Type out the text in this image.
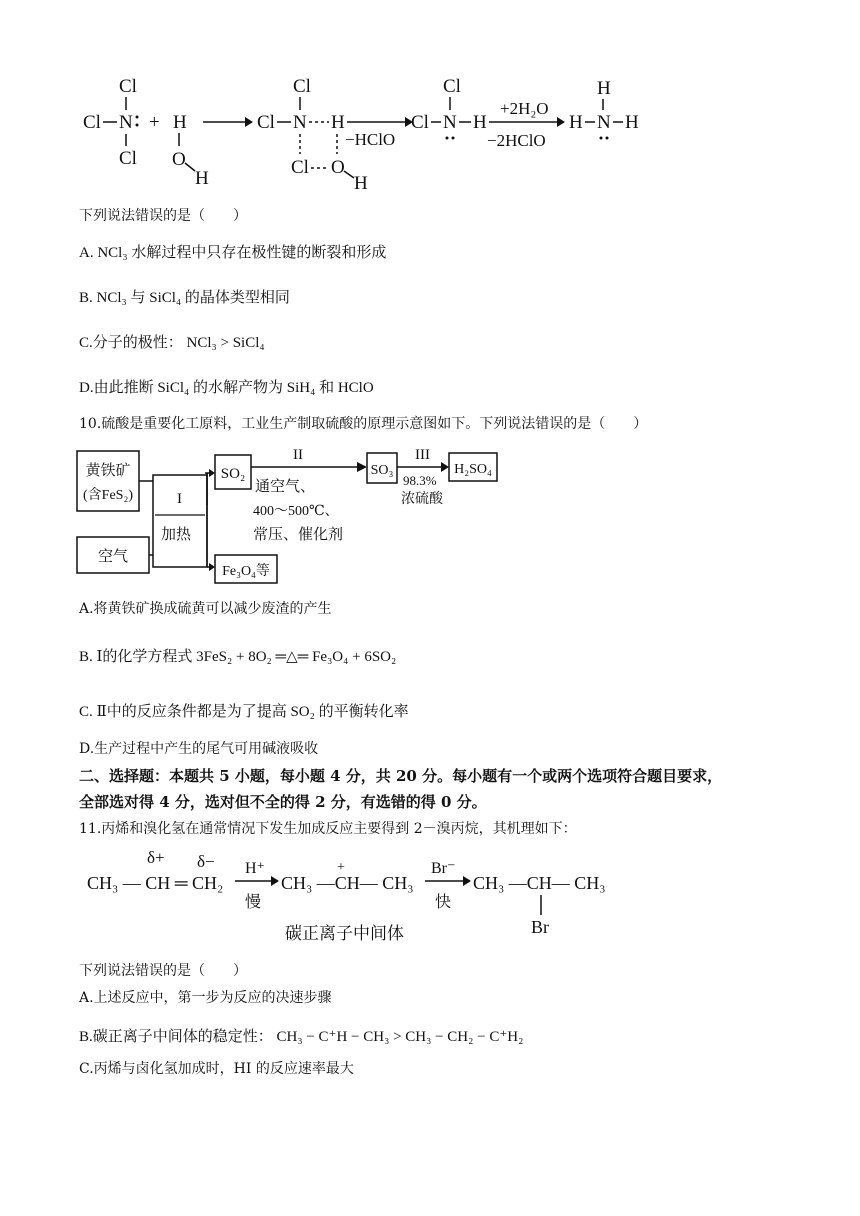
Cl
Cl N
Cl
+ H
O
H
Cl
Cl N H
Cl O
H
−HClO
Cl
Cl N H
+2H₂O
−2HClO
H
H N H
下列说法错误的是（　　）
A. NCl₃ 水解过程中只存在极性键的断裂和形成
B. NCl₃ 与 SiCl₄ 的晶体类型相同
C.分子的极性： NCl₃ > SiCl₄
D.由此推断 SiCl₄ 的水解产物为 SiH₄ 和 HClO
10.硫酸是重要化工原料，工业生产制取硫酸的原理示意图如下。下列说法错误的是（　　）
黄铁矿
(含FeS₂)
空气
I
加热
SO₂
II
通空气、
400～500℃、
常压、催化剂
SO₃
III
98.3%
浓硫酸
H₂SO₄
Fe₃O₄等
A.将黄铁矿换成硫黄可以减少废渣的产生
B. Ⅰ的化学方程式 3FeS₂ + 8O₂ ═△═ Fe₃O₄ + 6SO₂
C. Ⅱ中的反应条件都是为了提高 SO₂ 的平衡转化率
D.生产过程中产生的尾气可用碱液吸收
二、选择题：本题共 5 小题，每小题 4 分，共 20 分。每小题有一个或两个选项符合题目要求，
全部选对得 4 分，选对但不全的得 2 分，有选错的得 0 分。
11.丙烯和溴化氢在通常情况下发生加成反应主要得到 2－溴丙烷，其机理如下：
δ+ δ−
CH₃ — CH ═ CH₂
H⁺
慢
+
CH₃ —CH— CH₃
Br⁻
快
CH₃ —CH— CH₃
Br
碳正离子中间体
下列说法错误的是（　　）
A.上述反应中，第一步为反应的决速步骤
B.碳正离子中间体的稳定性： CH₃ − C⁺H − CH₃ > CH₃ − CH₂ − C⁺H₂
C.丙烯与卤化氢加成时，HI 的反应速率最大
